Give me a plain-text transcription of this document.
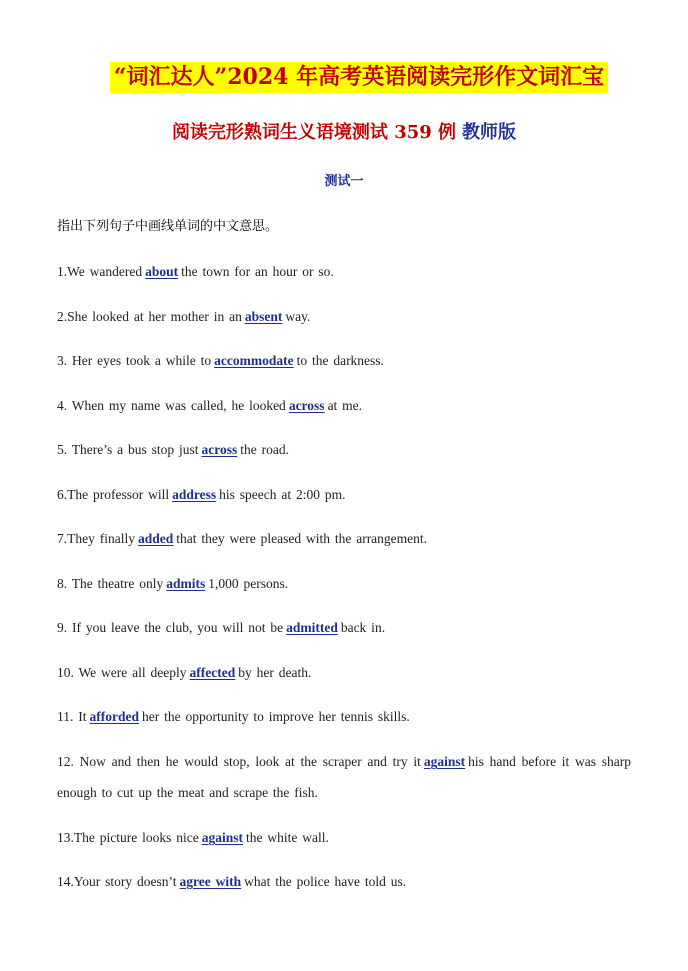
“词汇达人”2024 年高考英语阅读完形作文词汇宝
阅读完形熟词生义语境测试 359 例 教师版
测试一
指出下列句子中画线单词的中文意思。
1.We wandered about the town for an hour or so.
2.She looked at her mother in an absent way.
3. Her eyes took a while to accommodate to the darkness.
4. When my name was called, he looked across at me.
5. There’s a bus stop just across the road.
6.The professor will address his speech at 2:00 pm.
7.They finally added that they were pleased with the arrangement.
8. The theatre only admits 1,000 persons.
9. If you leave the club, you will not be admitted back in.
10. We were all deeply affected by her death.
11. It afforded her the opportunity to improve her tennis skills.
12. Now and then he would stop, look at the scraper and try it against his hand before it was sharp enough to cut up the meat and scrape the fish.
13.The picture looks nice against the white wall.
14.Your story doesn’t agree with what the police have told us.
